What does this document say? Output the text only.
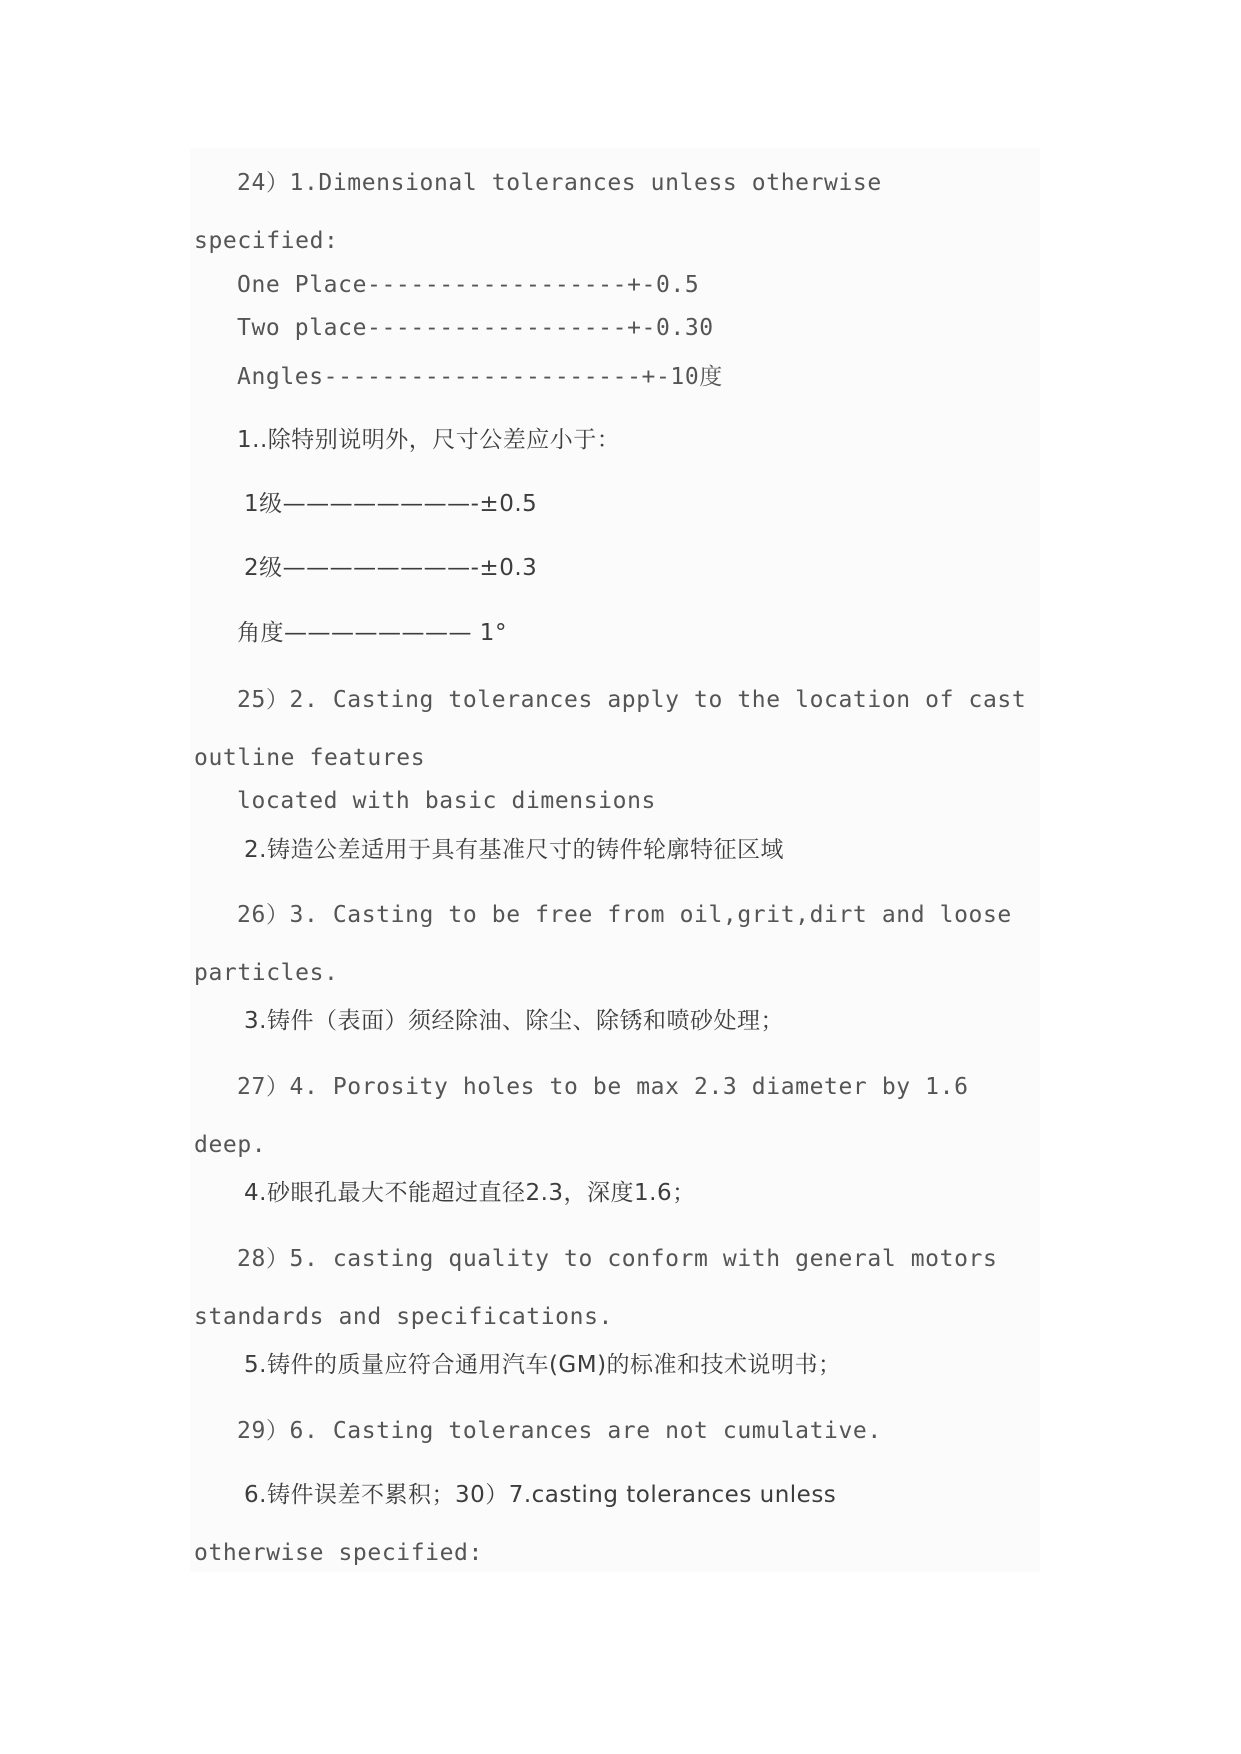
24）1.Dimensional tolerances unless otherwise
specified:
One Place------------------+-0.5
Two place------------------+-0.30
Angles----------------------+-10度
1..除特别说明外，尺寸公差应小于：
1级————————-±0.5
2级————————-±0.3
角度———————— 1°
25）2. Casting tolerances apply to the location of cast
outline features
located with basic dimensions
2.铸造公差适用于具有基准尺寸的铸件轮廓特征区域
26）3. Casting to be free from oil,grit,dirt and loose
particles.
3.铸件（表面）须经除油、除尘、除锈和喷砂处理；
27）4. Porosity holes to be max 2.3 diameter by 1.6
deep.
4.砂眼孔最大不能超过直径2.3，深度1.6；
28）5. casting quality to conform with general motors
standards and specifications.
5.铸件的质量应符合通用汽车(GM)的标准和技术说明书；
29）6. Casting tolerances are not cumulative.
6.铸件误差不累积；30）7.casting tolerances unless
otherwise specified:
